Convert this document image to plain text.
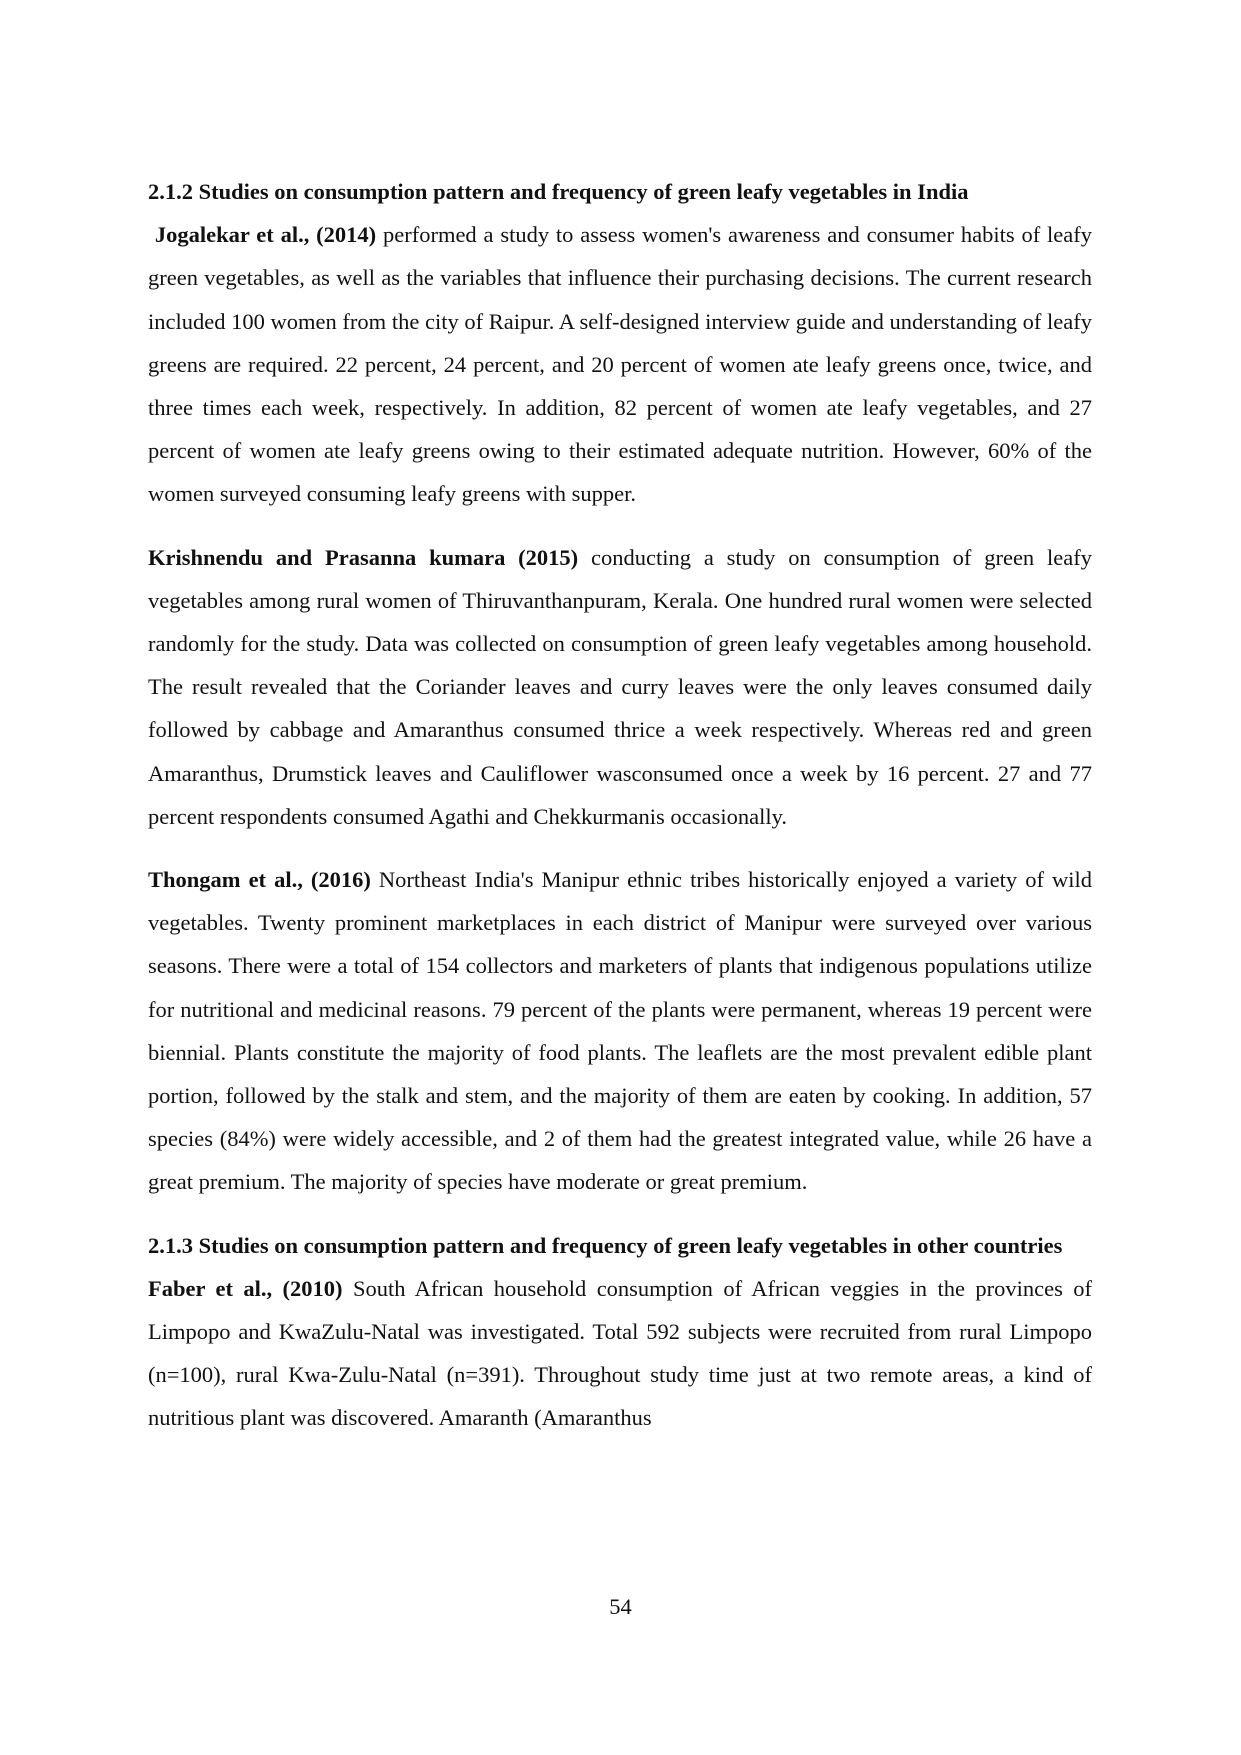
2.1.2 Studies on consumption pattern and frequency of green leafy vegetables in India

Jogalekar et al., (2014) performed a study to assess women's awareness and consumer habits of leafy green vegetables, as well as the variables that influence their purchasing decisions. The current research included 100 women from the city of Raipur. A self-designed interview guide and understanding of leafy greens are required. 22 percent, 24 percent, and 20 percent of women ate leafy greens once, twice, and three times each week, respectively. In addition, 82 percent of women ate leafy vegetables, and 27 percent of women ate leafy greens owing to their estimated adequate nutrition. However, 60% of the women surveyed consuming leafy greens with supper.

Krishnendu and Prasanna kumara (2015) conducting a study on consumption of green leafy vegetables among rural women of Thiruvanthanpuram, Kerala. One hundred rural women were selected randomly for the study. Data was collected on consumption of green leafy vegetables among household. The result revealed that the Coriander leaves and curry leaves were the only leaves consumed daily followed by cabbage and Amaranthus consumed thrice a week respectively. Whereas red and green Amaranthus, Drumstick leaves and Cauliflower wasconsumed once a week by 16 percent. 27 and 77 percent respondents consumed Agathi and Chekkurmanis occasionally.

Thongam et al., (2016) Northeast India's Manipur ethnic tribes historically enjoyed a variety of wild vegetables. Twenty prominent marketplaces in each district of Manipur were surveyed over various seasons. There were a total of 154 collectors and marketers of plants that indigenous populations utilize for nutritional and medicinal reasons. 79 percent of the plants were permanent, whereas 19 percent were biennial. Plants constitute the majority of food plants. The leaflets are the most prevalent edible plant portion, followed by the stalk and stem, and the majority of them are eaten by cooking. In addition, 57 species (84%) were widely accessible, and 2 of them had the greatest integrated value, while 26 have a great premium. The majority of species have moderate or great premium.

2.1.3 Studies on consumption pattern and frequency of green leafy vegetables in other countries

Faber et al., (2010) South African household consumption of African veggies in the provinces of Limpopo and KwaZulu-Natal was investigated. Total 592 subjects were recruited from rural Limpopo (n=100), rural Kwa-Zulu-Natal (n=391). Throughout study time just at two remote areas, a kind of nutritious plant was discovered. Amaranth (Amaranthus

54
